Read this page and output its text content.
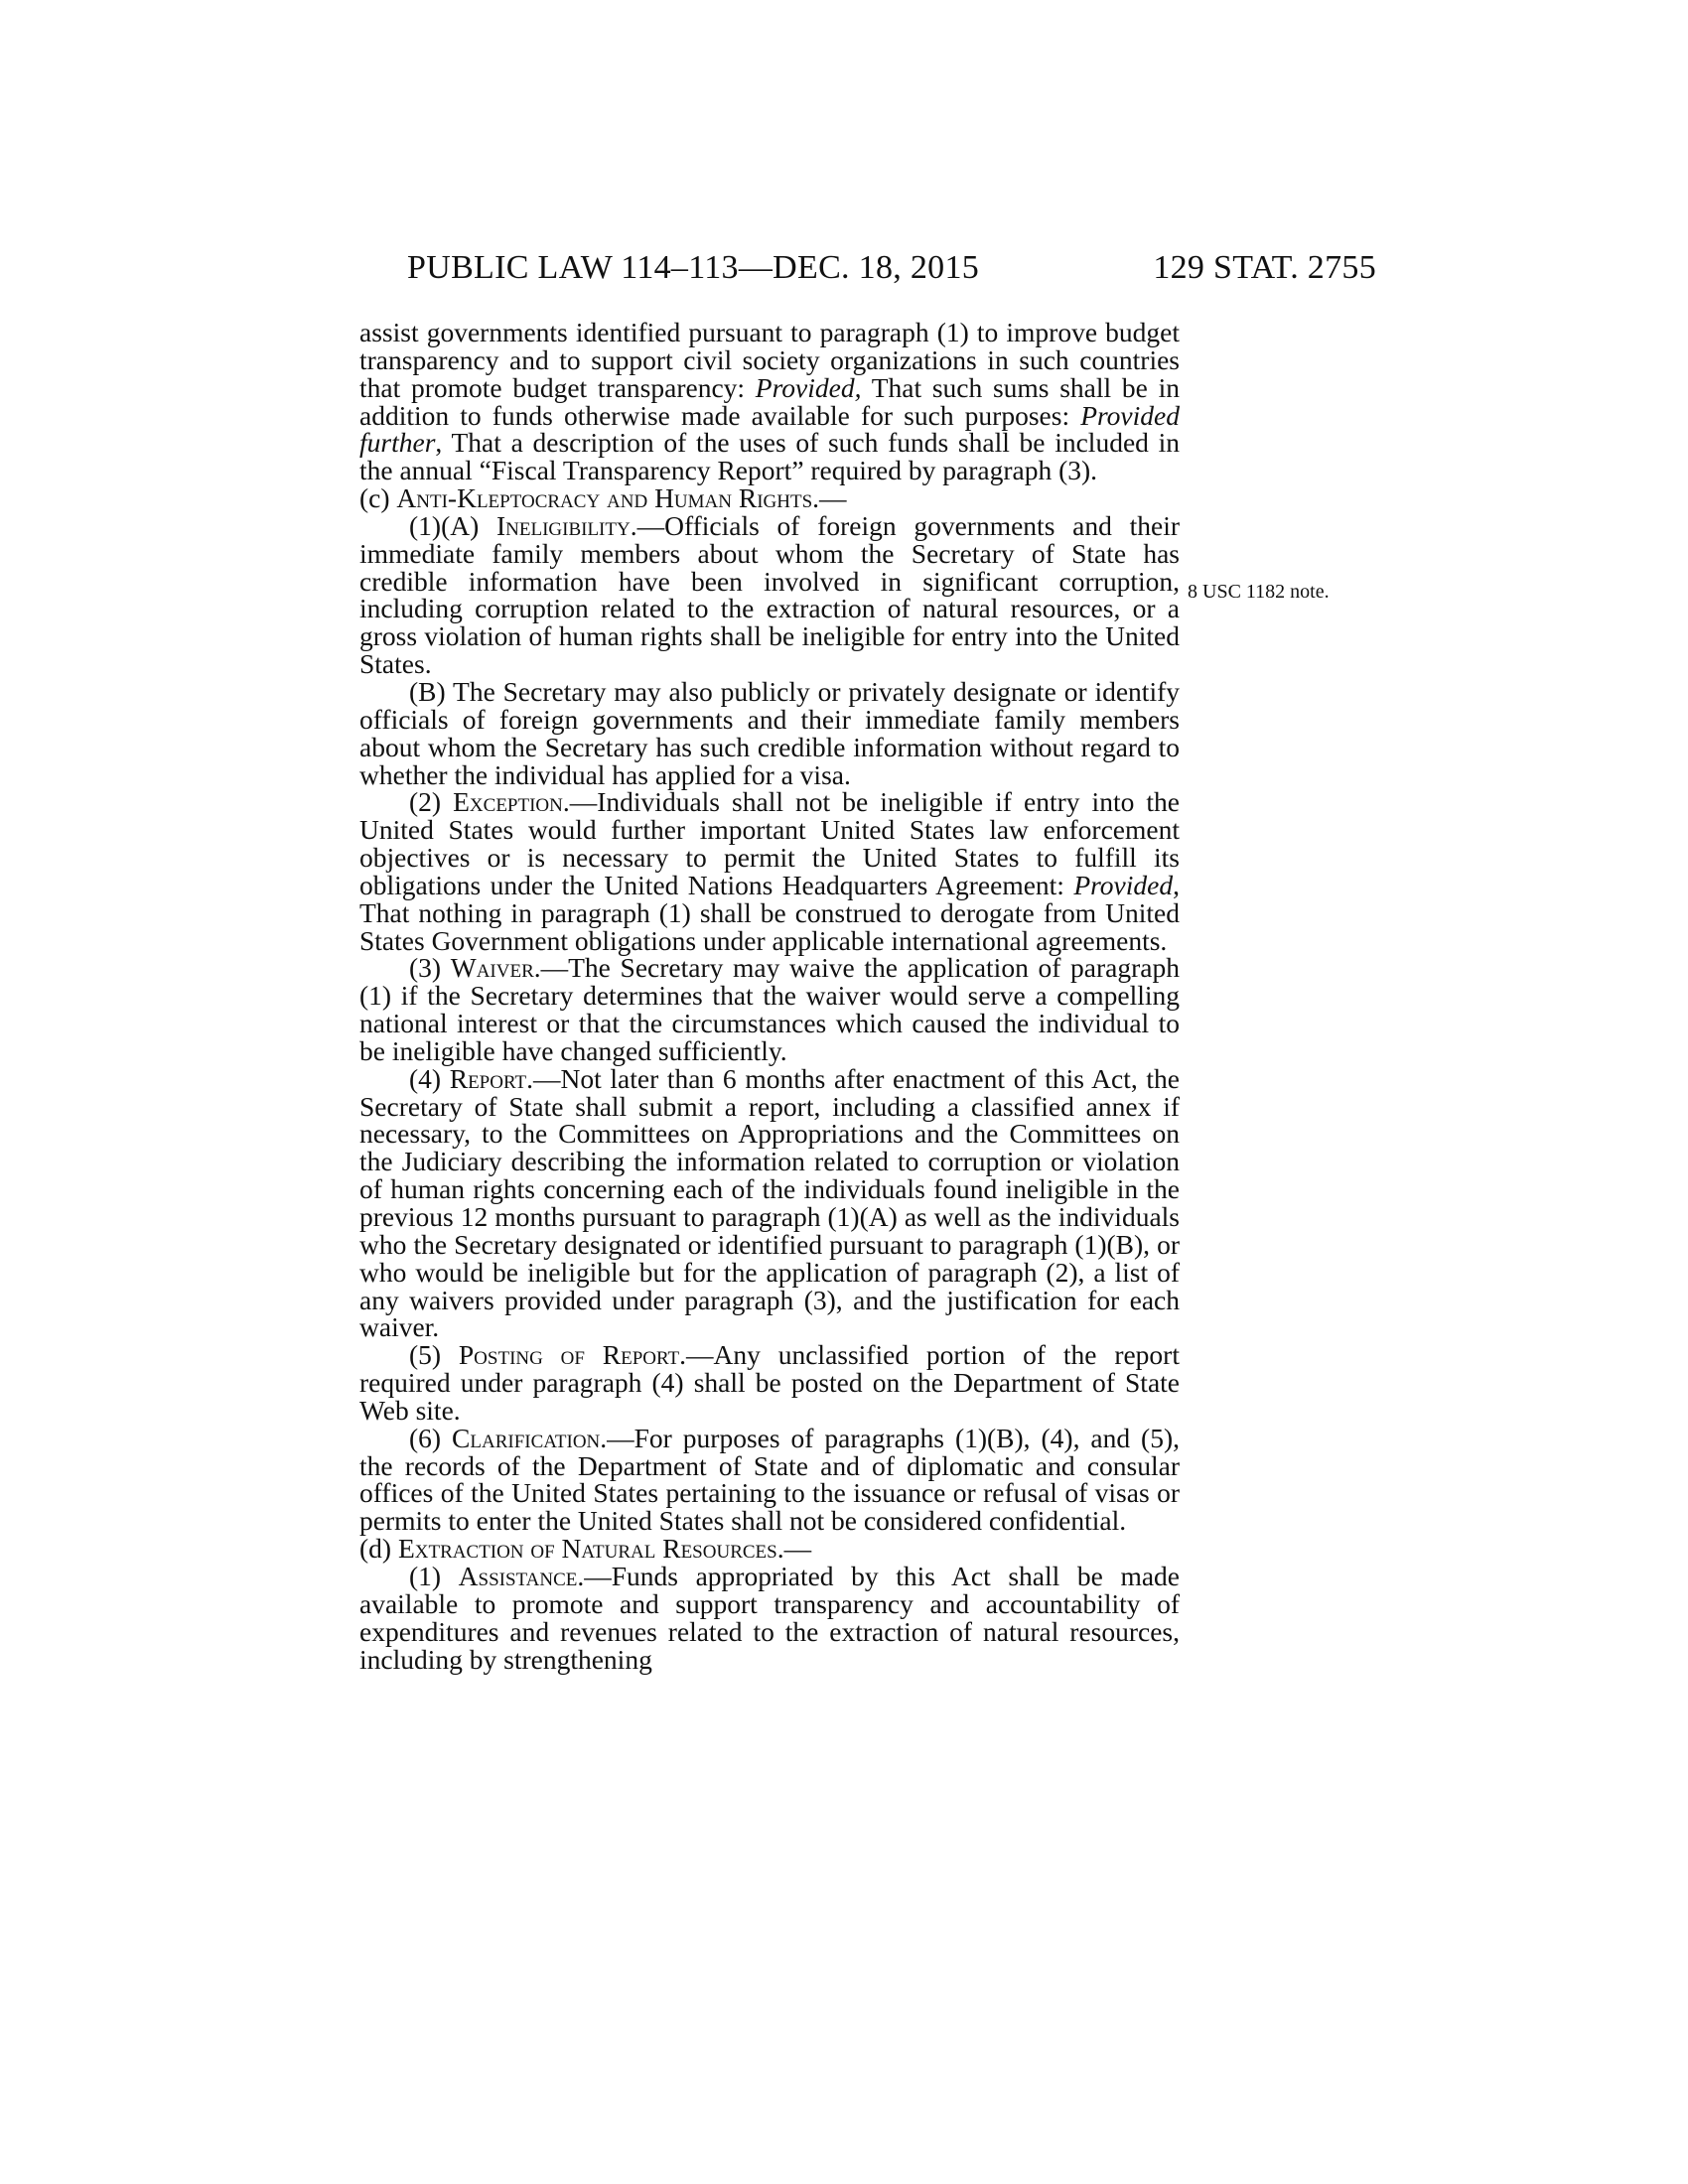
PUBLIC LAW 114–113—DEC. 18, 2015	129 STAT. 2755
8 USC 1182 note.

assist governments identified pursuant to paragraph (1) to improve budget transparency and to support civil society organizations in such countries that promote budget transparency: Provided, That such sums shall be in addition to funds otherwise made available for such purposes: Provided further, That a description of the uses of such funds shall be included in the annual “Fiscal Transparency Report” required by paragraph (3).

(c) Anti-Kleptocracy and Human Rights.—

(1)(A) Ineligibility.—Officials of foreign governments and their immediate family members about whom the Secretary of State has credible information have been involved in significant corruption, including corruption related to the extraction of natural resources, or a gross violation of human rights shall be ineligible for entry into the United States.

(B) The Secretary may also publicly or privately designate or identify officials of foreign governments and their immediate family members about whom the Secretary has such credible information without regard to whether the individual has applied for a visa.

(2) Exception.—Individuals shall not be ineligible if entry into the United States would further important United States law enforcement objectives or is necessary to permit the United States to fulfill its obligations under the United Nations Headquarters Agreement: Provided, That nothing in paragraph (1) shall be construed to derogate from United States Government obligations under applicable international agreements.

(3) Waiver.—The Secretary may waive the application of paragraph (1) if the Secretary determines that the waiver would serve a compelling national interest or that the circumstances which caused the individual to be ineligible have changed sufficiently.

(4) Report.—Not later than 6 months after enactment of this Act, the Secretary of State shall submit a report, including a classified annex if necessary, to the Committees on Appropriations and the Committees on the Judiciary describing the information related to corruption or violation of human rights concerning each of the individuals found ineligible in the previous 12 months pursuant to paragraph (1)(A) as well as the individuals who the Secretary designated or identified pursuant to paragraph (1)(B), or who would be ineligible but for the application of paragraph (2), a list of any waivers provided under paragraph (3), and the justification for each waiver.

(5) Posting of Report.—Any unclassified portion of the report required under paragraph (4) shall be posted on the Department of State Web site.

(6) Clarification.—For purposes of paragraphs (1)(B), (4), and (5), the records of the Department of State and of diplomatic and consular offices of the United States pertaining to the issuance or refusal of visas or permits to enter the United States shall not be considered confidential.

(d) Extraction of Natural Resources.—

(1) Assistance.—Funds appropriated by this Act shall be made available to promote and support transparency and accountability of expenditures and revenues related to the extraction of natural resources, including by strengthening
